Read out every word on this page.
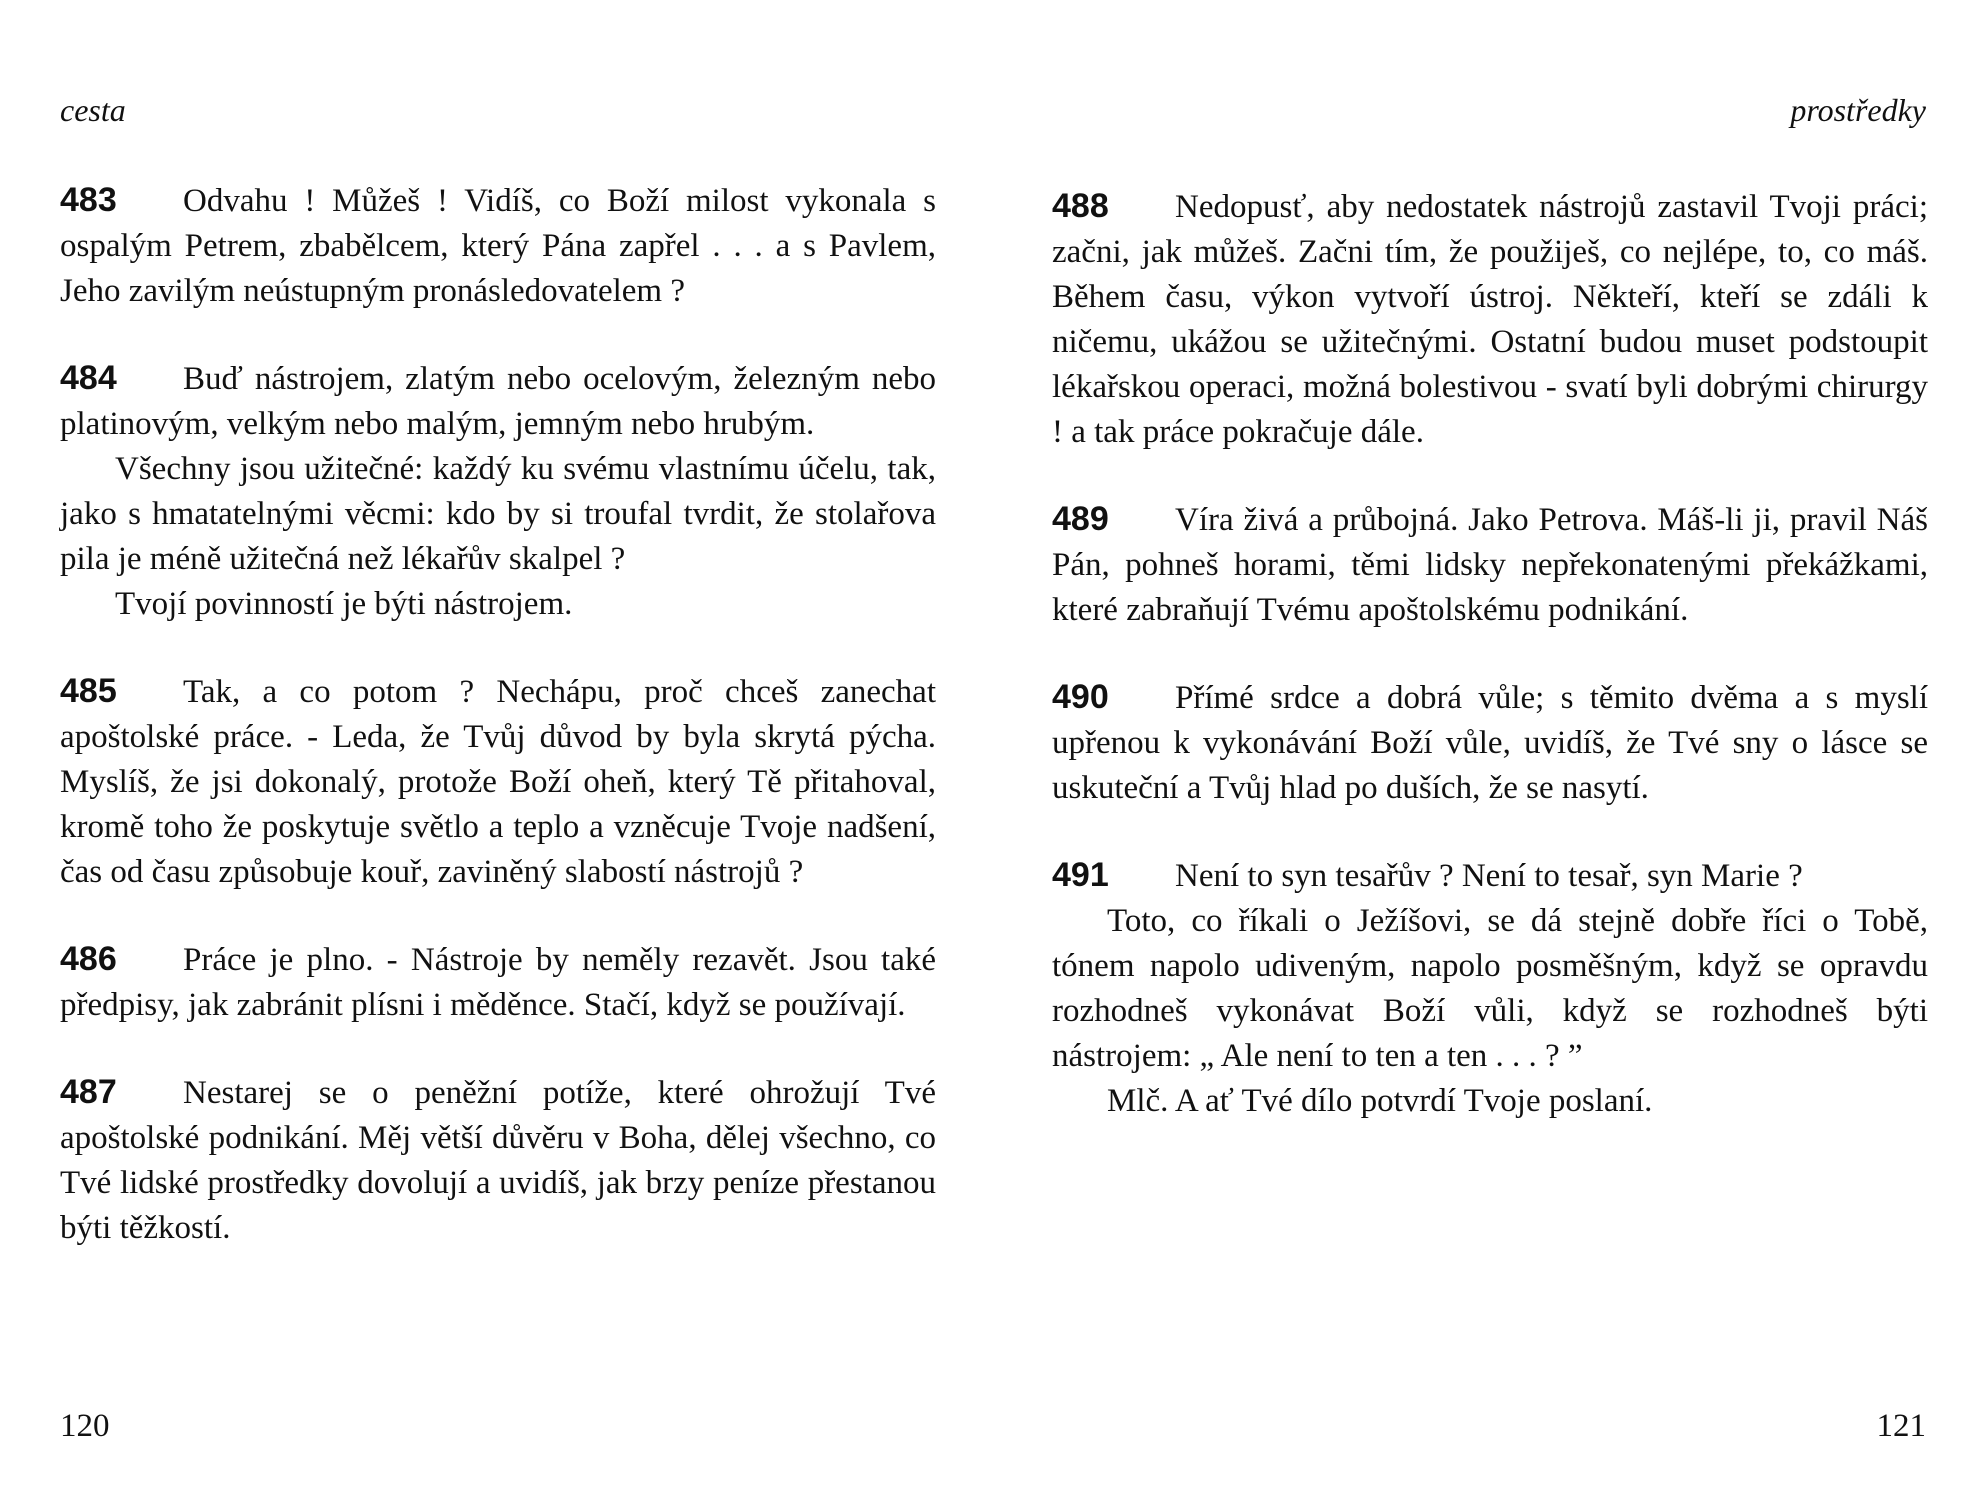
cesta

483 Odvahu ! Můžeš ! Vidíš, co Boží milost vykonala s ospalým Petrem, zbabělcem, který Pána zapřel . . . a s Pavlem, Jeho zavilým neústupným pronásledovatelem ?

484 Buď nástrojem, zlatým nebo ocelovým, železným nebo platinovým, velkým nebo malým, jemným nebo hrubým.

Všechny jsou užitečné: každý ku svému vlastnímu účelu, tak, jako s hmatatelnými věcmi: kdo by si troufal tvrdit, že stolařova pila je méně užitečná než lékařův skalpel ?

Tvojí povinností je býti nástrojem.

485 Tak, a co potom ? Nechápu, proč chceš zanechat apoštolské práce. - Leda, že Tvůj důvod by byla skrytá pýcha. Myslíš, že jsi dokonalý, protože Boží oheň, který Tě přitahoval, kromě toho že poskytuje světlo a teplo a vzněcuje Tvoje nadšení, čas od času způsobuje kouř, zaviněný slabostí nástrojů ?

486 Práce je plno. - Nástroje by neměly rezavět. Jsou také předpisy, jak zabránit plísni i měděnce. Stačí, když se používají.

487 Nestarej se o peněžní potíže, které ohrožují Tvé apoštolské podnikání. Měj větší důvěru v Boha, dělej všechno, co Tvé lidské prostředky dovolují a uvidíš, jak brzy peníze přestanou býti těžkostí.

120
prostředky

488 Nedopusť, aby nedostatek nástrojů zastavil Tvoji práci; začni, jak můžeš. Začni tím, že použiješ, co nejlépe, to, co máš. Během času, výkon vytvoří ústroj. Někteří, kteří se zdáli k ničemu, ukážou se užitečnými. Ostatní budou muset podstoupit lékařskou operaci, možná bolestivou - svatí byli dobrými chirurgy ! a tak práce pokračuje dále.

489 Víra živá a průbojná. Jako Petrova. Máš-li ji, pravil Náš Pán, pohneš horami, těmi lidsky nepřekonatenými překážkami, které zabraňují Tvému apoštolskému podnikání.

490 Přímé srdce a dobrá vůle; s těmito dvěma a s myslí upřenou k vykonávání Boží vůle, uvidíš, že Tvé sny o lásce se uskuteční a Tvůj hlad po duších, že se nasytí.

491 Není to syn tesařův ? Není to tesař, syn Marie ?

Toto, co říkali o Ježíšovi, se dá stejně dobře říci o Tobě, tónem napolo udiveným, napolo posměšným, když se opravdu rozhodneš vykonávat Boží vůli, když se rozhodneš býti nástrojem: „ Ale není to ten a ten . . . ? ”

Mlč. A ať Tvé dílo potvrdí Tvoje poslaní.

121
